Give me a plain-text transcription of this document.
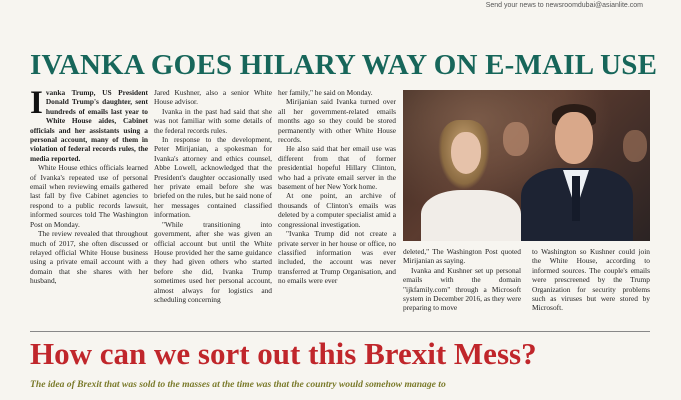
Send your news to newsroomdubai@asianlite.com
IVANKA GOES HILARY WAY ON E-MAIL USE

Ivanka Trump, US President Donald Trump's daughter, sent hundreds of emails last year to White House aides, Cabinet officials and her assistants using a personal account, many of them in violation of federal records rules, the media reported.

White House ethics officials learned of Ivanka's repeated use of personal email when reviewing emails gathered last fall by five Cabinet agencies to respond to a public records lawsuit, informed sources told The Washington Post on Monday.

The review revealed that throughout much of 2017, she often discussed or relayed official White House business using a private email account with a domain that she shares with her husband,

Jared Kushner, also a senior White House advisor.

Ivanka in the past had said that she was not familiar with some details of the federal records rules.

In response to the development, Peter Mirijanian, a spokesman for Ivanka's attorney and ethics counsel, Abbe Lowell, acknowledged that the President's daughter occasionally used her private email before she was briefed on the rules, but he said none of her messages contained classified information.

"While transitioning into government, after she was given an official account but until the White House provided her the same guidance they had given others who started before she did, Ivanka Trump sometimes used her personal account, almost always for logistics and scheduling concerning

her family," he said on Monday.

Mirijanian said Ivanka turned over all her government-related emails months ago so they could be stored permanently with other White House records.

He also said that her email use was different from that of former presidential hopeful Hillary Clinton, who had a private email server in the basement of her New York home.

At one point, an archive of thousands of Clinton's emails was deleted by a computer specialist amid a congressional investigation.

"Ivanka Trump did not create a private server in her house or office, no classified information was ever included, the account was never transferred at Trump Organisation, and no emails were ever

deleted," The Washington Post quoted Mirijanian as saying.

Ivanka and Kushner set up personal emails with the domain "ijkfamily.com" through a Microsoft system in December 2016, as they were preparing to move

to Washington so Kushner could join the White House, according to informed sources. The couple's emails were prescreened by the Trump Organization for security problems such as viruses but were stored by Microsoft.

How can we sort out this Brexit Mess?
The idea of Brexit that was sold to the masses at the time was that the country would somehow manage to
